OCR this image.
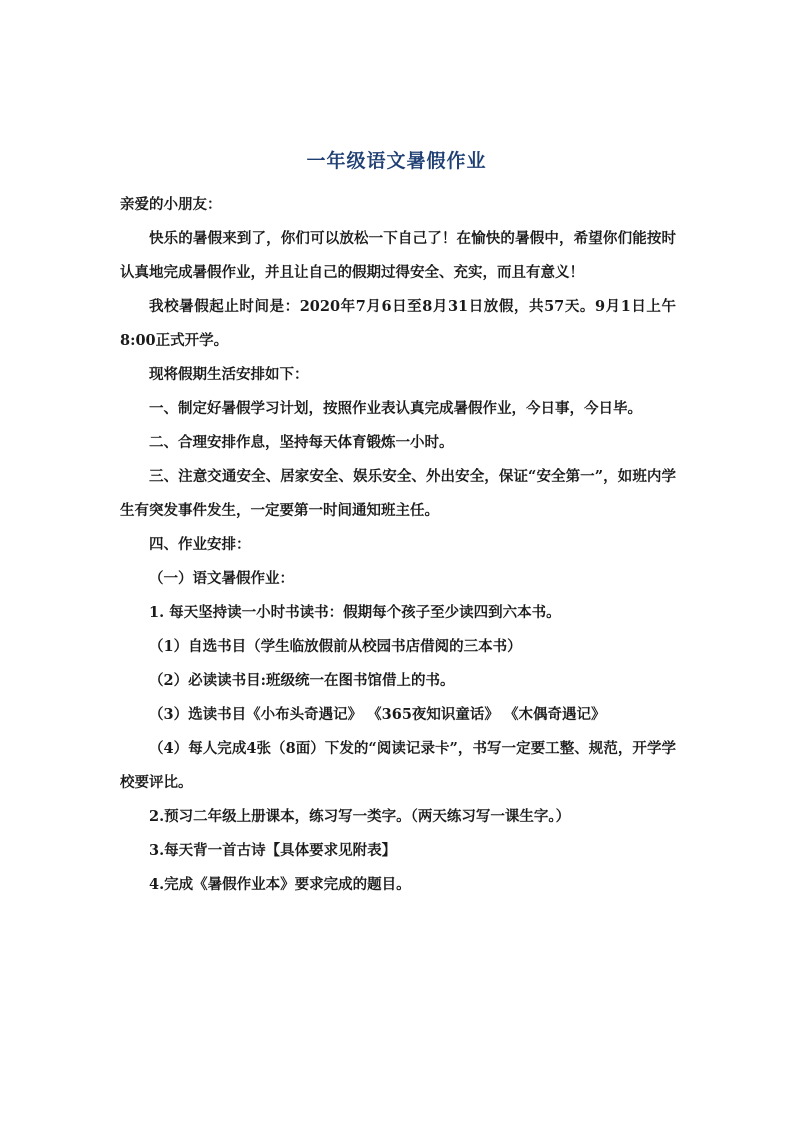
一年级语文暑假作业

亲爱的小朋友：

快乐的暑假来到了，你们可以放松一下自己了！在愉快的暑假中，希望你们能按时认真地完成暑假作业，并且让自己的假期过得安全、充实，而且有意义！

我校暑假起止时间是：2020年7月6日至8月31日放假，共57天。9月1日上午8:00正式开学。

现将假期生活安排如下：

一、制定好暑假学习计划，按照作业表认真完成暑假作业，今日事，今日毕。

二、合理安排作息，坚持每天体育锻炼一小时。

三、注意交通安全、居家安全、娱乐安全、外出安全，保证“安全第一”，如班内学生有突发事件发生，一定要第一时间通知班主任。

四、作业安排：

（一）语文暑假作业：

1. 每天坚持读一小时书读书：假期每个孩子至少读四到六本书。

（1）自选书目（学生临放假前从校园书店借阅的三本书）

（2）必读读书目:班级统一在图书馆借上的书。

（3）选读书目《小布头奇遇记》 《365夜知识童话》 《木偶奇遇记》

（4）每人完成4张（8面）下发的“阅读记录卡”，书写一定要工整、规范，开学学校要评比。

2.预习二年级上册课本，练习写一类字。（两天练习写一课生字。）

3.每天背一首古诗【具体要求见附表】

4.完成《暑假作业本》要求完成的题目。
